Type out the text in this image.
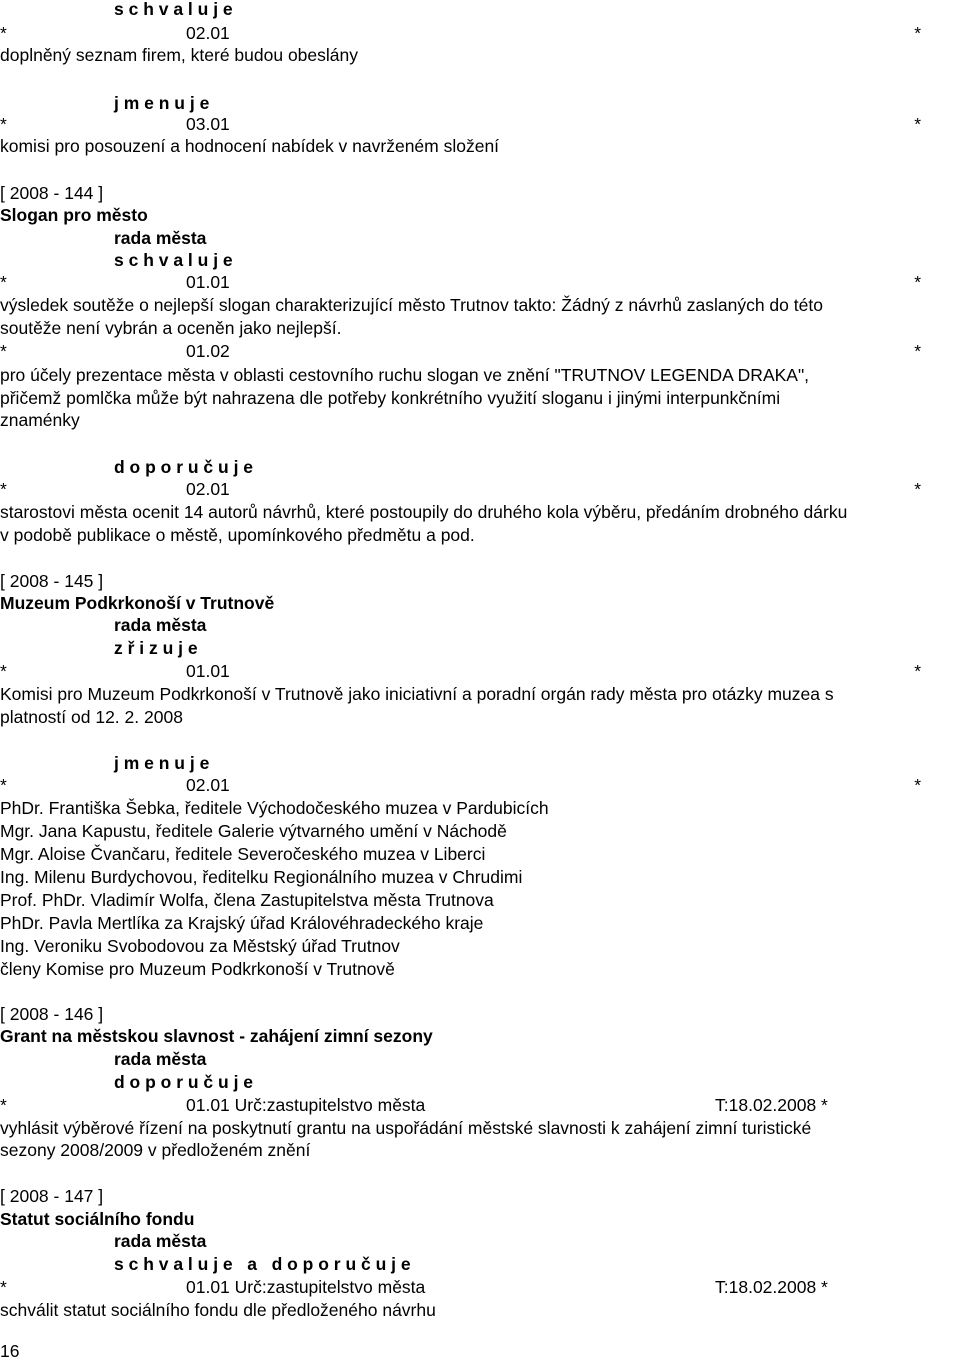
s c h v a l u j e
*	02.01	*
doplněný seznam firem, které budou obeslány
j m e n u j e
*	03.01	*
komisi pro posouzení a hodnocení nabídek v navrženém složení
[ 2008 - 144 ]
Slogan pro město
rada města
s c h v a l u j e
*	01.01	*
výsledek soutěže o nejlepší slogan charakterizující město Trutnov takto: Žádný z návrhů zaslaných do této
soutěže není vybrán a oceněn jako nejlepší.
*	01.02	*
pro účely prezentace města v oblasti cestovního ruchu slogan ve znění "TRUTNOV LEGENDA DRAKA",
přičemž pomlčka může být nahrazena dle potřeby konkrétního využití sloganu i jinými interpunkčními
znaménky
d o p o r u č u j e
*	02.01	*
starostovi města ocenit 14 autorů návrhů, které postoupily do druhého kola výběru, předáním drobného dárku
v podobě publikace o městě, upomínkového předmětu a pod.
[ 2008 - 145 ]
Muzeum Podkrkonoší v Trutnově
rada města
z ř i z u j e
*	01.01	*
Komisi pro Muzeum Podkrkonoší v Trutnově jako iniciativní a poradní orgán rady města pro otázky muzea s
platností od 12. 2. 2008
j m e n u j e
*	02.01	*
PhDr. Františka Šebka, ředitele Východočeského muzea v Pardubicích
Mgr. Jana Kapustu, ředitele Galerie výtvarného umění v Náchodě
Mgr. Aloise Čvančaru, ředitele Severočeského muzea v Liberci
Ing. Milenu Burdychovou, ředitelku Regionálního muzea v Chrudimi
Prof. PhDr. Vladimír Wolfa, člena Zastupitelstva města Trutnova
PhDr. Pavla Mertlíka za Krajský úřad Královéhradeckého kraje
Ing. Veroniku Svobodovou za Městský úřad Trutnov
členy Komise pro Muzeum Podkrkonoší v Trutnově
[ 2008 - 146 ]
Grant na městskou slavnost - zahájení zimní sezony
rada města
d o p o r u č u j e
*	01.01 Urč:zastupitelstvo města	T:18.02.2008 *
vyhlásit výběrové řízení na poskytnutí grantu na uspořádání městské slavnosti k zahájení zimní turistické
sezony 2008/2009 v předloženém znění
[ 2008 - 147 ]
Statut sociálního fondu
rada města
s c h v a l u j e   a   d o p o r u č u j e
*	01.01 Urč:zastupitelstvo města	T:18.02.2008 *
schválit statut sociálního fondu dle předloženého návrhu
16
